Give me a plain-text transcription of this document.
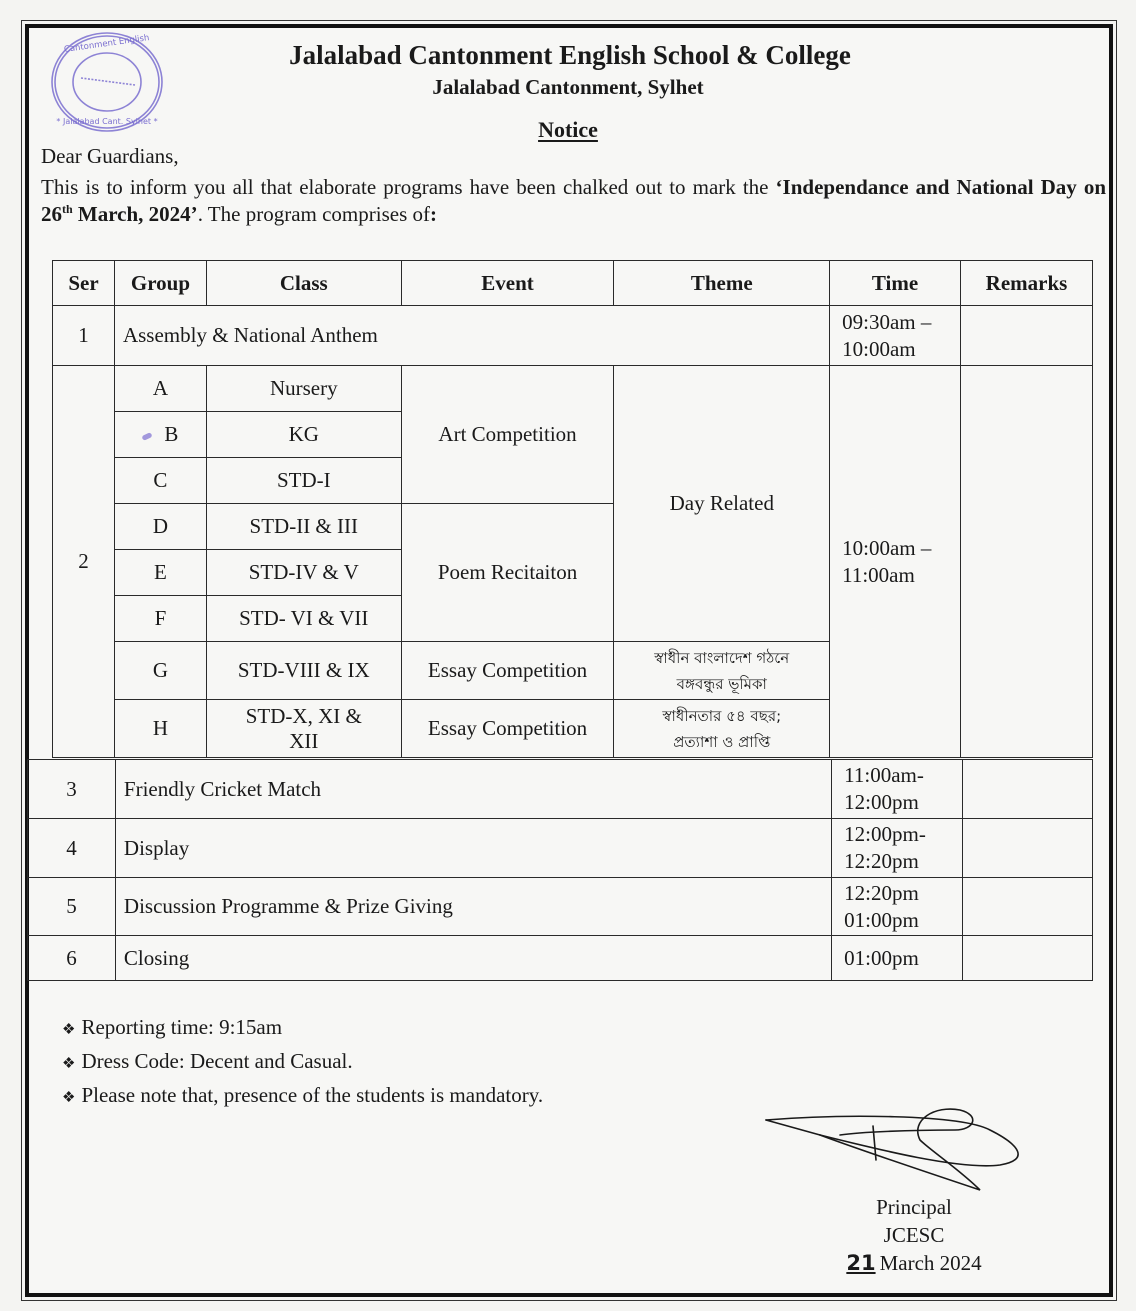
Cantonment English
* Jalalabad Cant. Sylhet *
Jalalabad Cantonment English School & College
Jalalabad Cantonment, Sylhet
Notice
Dear Guardians,
This is to inform you all that elaborate programs have been chalked out to mark the ‘Independance and National Day on 26th March, 2024’. The program comprises of:
Ser	Group	Class	Event	Theme	Time	Remarks
1	Assembly & National Anthem				09:30am –
10:00am	
2	A	Nursery	Art Competition	Day Related	10:00am –
11:00am	
	B	KG				
	C	STD-I				
	D	STD-II & III	Poem Recitaiton			
	E	STD-IV & V				
	F	STD- VI & VII				
	G	STD-VIII & IX	Essay Competition	স্বাধীন বাংলাদেশ গঠনে
বঙ্গবন্ধুর ভূমিকা		
	H	STD-X, XI &
XII	Essay Competition	স্বাধীনতার ৫৪ বছর;
প্রত্যাশা ও প্রাপ্তি		
3	Friendly Cricket Match	11:00am-
12:00pm	
4	Display	12:00pm-
12:20pm	
5	Discussion Programme & Prize Giving	12:20pm
01:00pm	
6	Closing	01:00pm	
❖ Reporting time: 9:15am
❖ Dress Code: Decent and Casual.
❖ Please note that, presence of the students is mandatory.
Principal
JCESC
21 March 2024
